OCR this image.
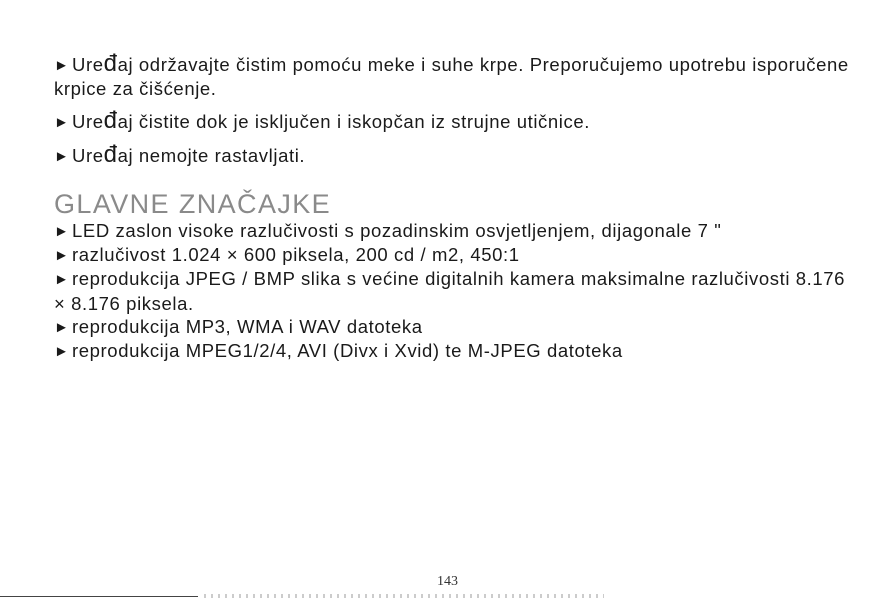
► Uređaj održavajte čistim pomoću meke i suhe krpe. Preporučujemo upotrebu isporučene krpice za čišćenje.

► Uređaj čistite dok je isključen i iskopčan iz strujne utičnice.

► Uređaj nemojte rastavljati.

GLAVNE ZNAČAJKE

► LED zaslon visoke razlučivosti s pozadinskim osvjetljenjem, dijagonale 7 "

► razlučivost 1.024 × 600 piksela, 200 cd / m2, 450:1

► reprodukcija JPEG / BMP slika s većine digitalnih kamera maksimalne razlučivosti 8.176 × 8.176 piksela.

► reprodukcija MP3, WMA i WAV datoteka

► reprodukcija MPEG1/2/4, AVI (Divx i Xvid) te M-JPEG datoteka

143
